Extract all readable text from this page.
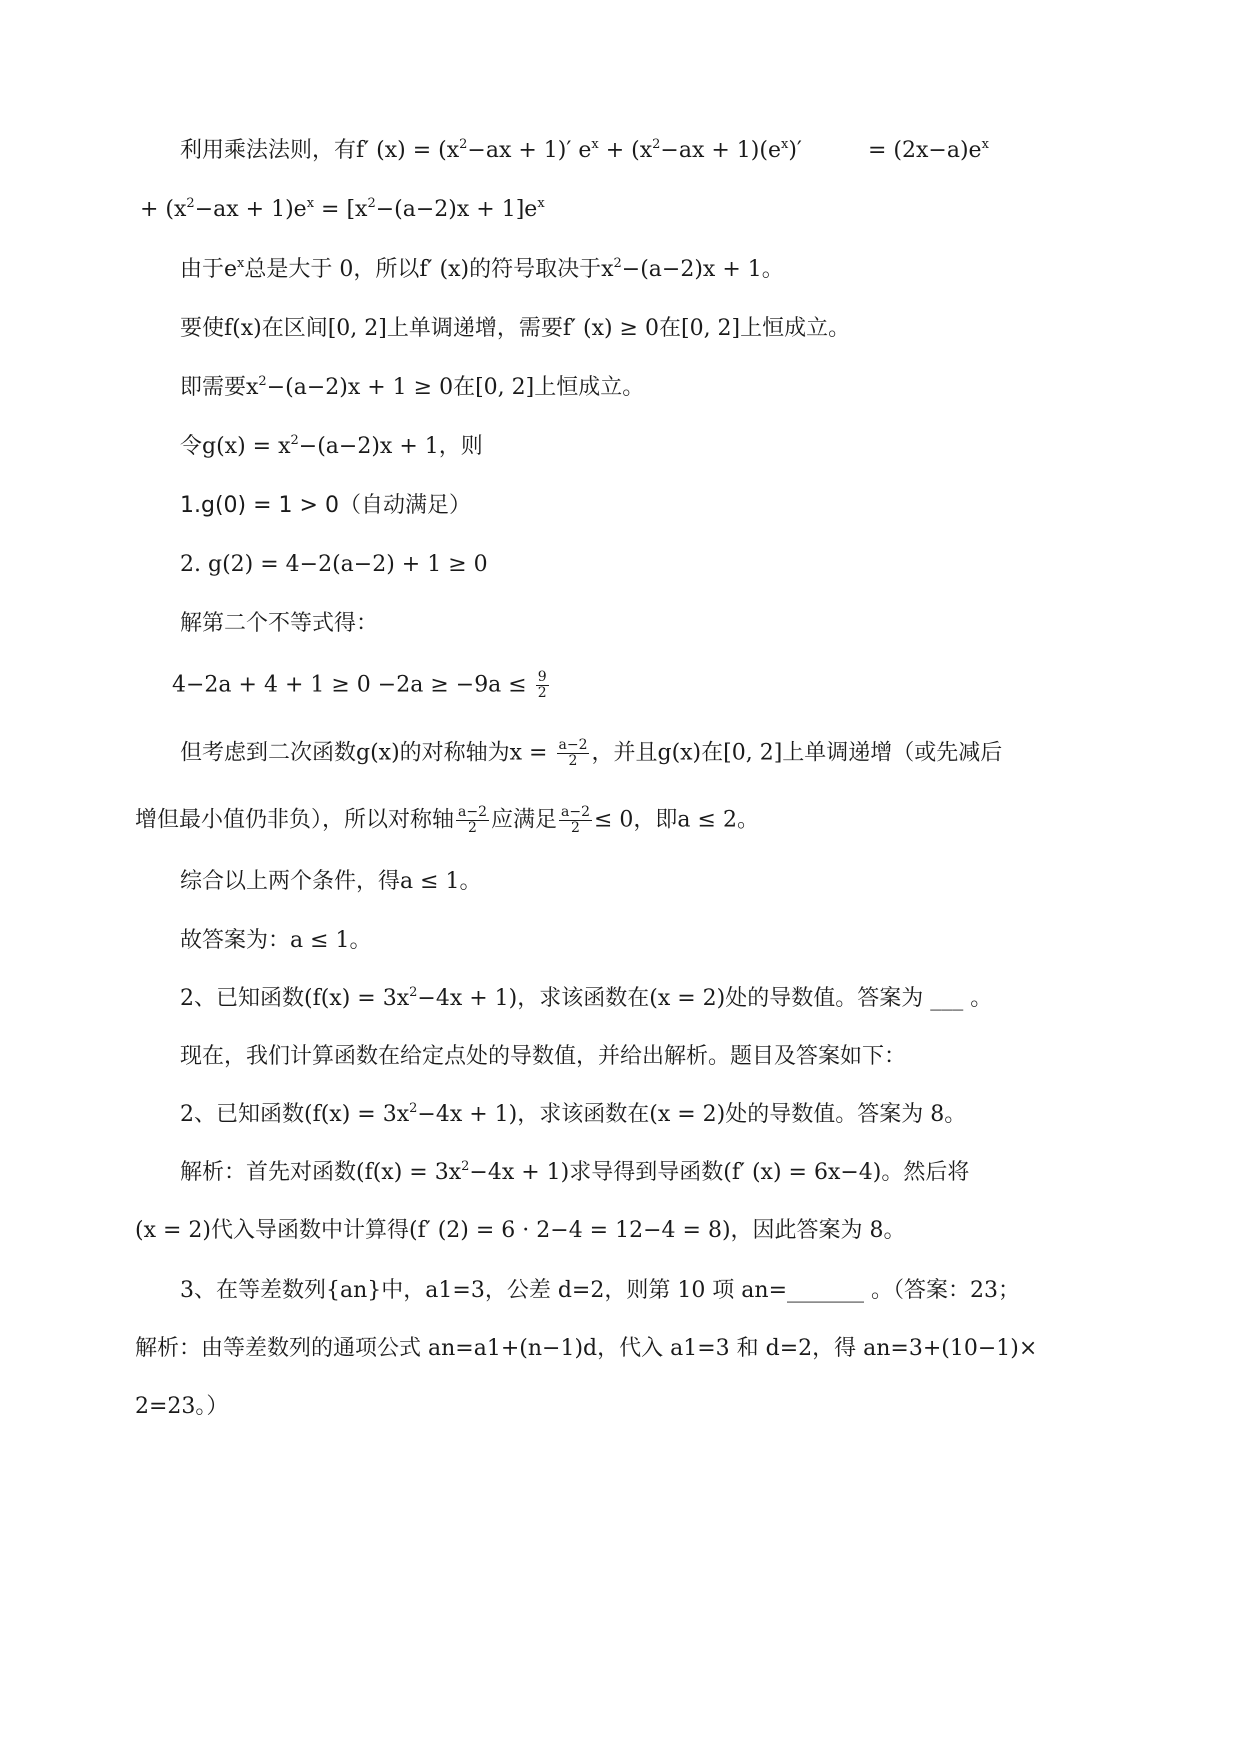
利用乘法法则，有f′ $(x) = (x^2-ax + 1)'$ $e^x + (x^2-ax + 1)(e^x)'$	= $(2x-a)e^x$
+ $(x^2-ax + 1)e^x = [x^2-(a-2)x + 1]e^x$
由于$e^x$总是大于 0，所以f′ (x)的符号取决于$x^2-(a-2)x + 1$。
要使f(x)在区间[0, 2]上单调递增，需要f′ (x) ≥ 0在[0, 2]上恒成立。
即需要$x^2-(a-2)x + 1 \ge 0$在[0, 2]上恒成立。
令$g(x) = x^2-(a-2)x + 1$，则
1.g(0) = 1 > 0（自动满足）
2. g(2) = 4−2(a−2) + 1 ≥ 0
解第二个不等式得：
$4-2a + 4 + 1 \ge 0 -2a \ge -9a \le \frac{9}{2}$
但考虑到二次函数g(x)的对称轴为$x = \frac{a-2}{2}$ ，并且g(x)在[0, 2]上单调递增（或先减后
增但最小值仍非负），所以对称轴 $\frac{a-2}{2}$ 应满足 $\frac{a-2}{2} \le 0$，即a ≤ 2。
综合以上两个条件，得a ≤ 1。
故答案为：a ≤ 1。
2、已知函数$(f(x) = 3x^2-4x + 1)$，求该函数在(x = 2)处的导数值。答案为 ___ 。
现在，我们计算函数在给定点处的导数值，并给出解析。题目及答案如下：
2、已知函数$(f(x) = 3x^2-4x + 1)$，求该函数在(x = 2)处的导数值。答案为 8。
解析：首先对函数$(f(x) = 3x^2-4x + 1)$求导得到导函数(f′ (x) = 6x−4)。然后将
(x = 2)代入导函数中计算得(f′ (2) = 6 · 2−4 = 12−4 = 8)，因此答案为 8。
3、在等差数列{an}中，a1=3，公差 d=2，则第 10 项 an=_______ 。（答案：23；
解析：由等差数列的通项公式 an=a1+(n−1)d，代入 a1=3 和 d=2，得 an=3+(10−1)×
2=23。）
